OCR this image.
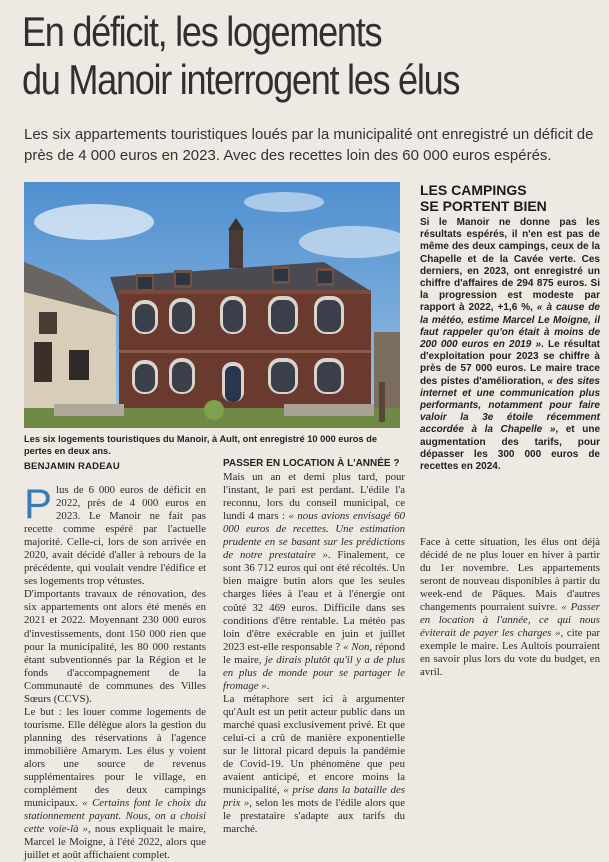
En déficit, les logements
du Manoir interrogent les élus

Les six appartements touristiques loués par la municipalité ont enregistré un déficit de près de 4 000 euros en 2023. Avec des recettes loin des 60 000 euros espérés.

Les six logements touristiques du Manoir, à Ault, ont enregistré 10 000 euros de pertes en deux ans.

BENJAMIN RADEAU

Plus de 6 000 euros de déficit en 2022, près de 4 000 euros en 2023. Le Manoir ne fait pas recette comme espéré par l'actuelle majorité. Celle-ci, lors de son arrivée en 2020, avait décidé d'aller à rebours de la précédente, qui voulait vendre l'édifice et ses logements trop vétustes.

D'importants travaux de rénovation, des six appartements ont alors été menés en 2021 et 2022. Moyennant 230 000 euros d'investissements, dont 150 000 rien que pour la municipalité, les 80 000 restants étant subventionnés par la Région et le fonds d'accompagnement de la Communauté de communes des Villes Sœurs (CCVS).

Le but : les louer comme logements de tourisme. Elle délègue alors la gestion du planning des réservations à l'agence immobilière Amarym. Les élus y voient alors une source de revenus supplémentaires pour le village, en complément des deux campings municipaux. « Certains font le choix du stationnement payant. Nous, on a choisi cette voie-là », nous expliquait le maire, Marcel le Moigne, à l'été 2022, alors que juillet et août affichaient complet.

PASSER EN LOCATION À L'ANNÉE ?

Mais un an et demi plus tard, pour l'instant, le pari est perdant. L'édile l'a reconnu, lors du conseil municipal, ce lundi 4 mars : « nous avions envisagé 60 000 euros de recettes. Une estimation prudente en se basant sur les prédictions de notre prestataire ». Finalement, ce sont 36 712 euros qui ont été récoltés. Un bien maigre butin alors que les seules charges liées à l'eau et à l'énergie ont coûté 32 469 euros. Difficile dans ses conditions d'être rentable. La météo pas loin d'être exécrable en juin et juillet 2023 est-elle responsable ? « Non, répond le maire, je dirais plutôt qu'il y a de plus en plus de monde pour se partager le fromage ».

La métaphore sert ici à argumenter qu'Ault est un petit acteur public dans un marché quasi exclusivement privé. Et que celui-ci a crû de manière exponentielle sur le littoral picard depuis la pandémie de Covid-19. Un phénomène que peu avaient anticipé, et encore moins la municipalité, « prise dans la bataille des prix », selon les mots de l'édile alors que le prestataire s'adapte aux tarifs du marché.

Face à cette situation, les élus ont déjà décidé de ne plus louer en hiver à partir du 1er novembre. Les appartements seront de nouveau disponibles à partir du week-end de Pâques. Mais d'autres changements pourraient suivre. « Passer en location à l'année, ce qui nous éviterait de payer les charges », cite par exemple le maire. Les Aultois pourraient en savoir plus lors du vote du budget, en avril.

LES CAMPINGS
SE PORTENT BIEN

Si le Manoir ne donne pas les résultats espérés, il n'en est pas de même des deux campings, ceux de la Chapelle et de la Cavée verte. Ces derniers, en 2023, ont enregistré un chiffre d'affaires de 294 875 euros. Si la progression est modeste par rapport à 2022, +1,6 %, « à cause de la météo, estime Marcel Le Moigne, il faut rappeler qu'on était à moins de 200 000 euros en 2019 ». Le résultat d'exploitation pour 2023 se chiffre à près de 57 000 euros. Le maire trace des pistes d'amélioration, « des sites internet et une communication plus performants, notamment pour faire valoir la 3e étoile récemment accordée à la Chapelle », et une augmentation des tarifs, pour dépasser les 300 000 euros de recettes en 2024.
